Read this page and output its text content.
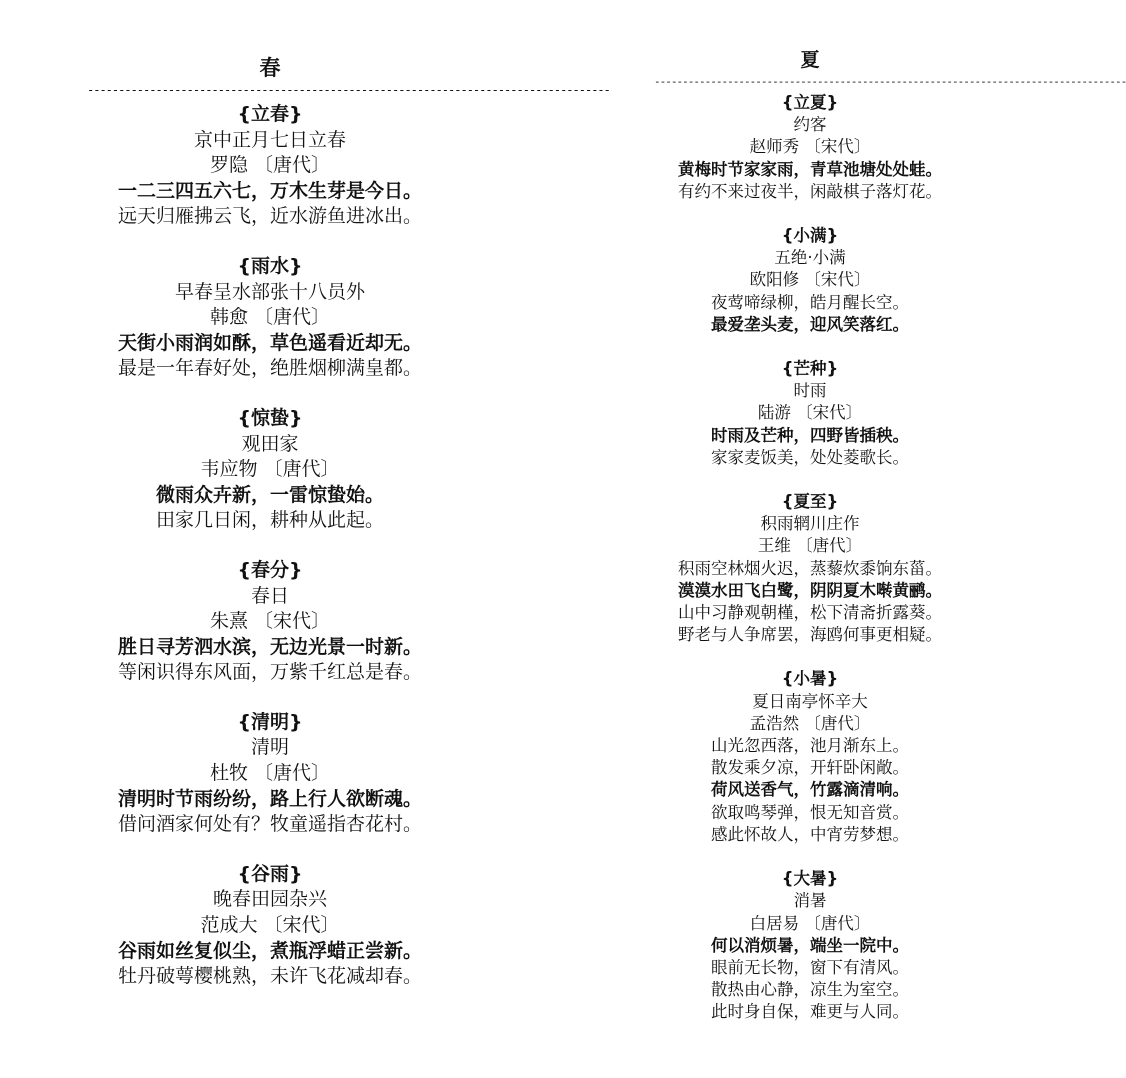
春
------------------------------------------------------------------------------------

{立春}

京中正月七日立春

罗隐 〔唐代〕

一二三四五六七，万木生芽是今日。

远天归雁拂云飞，近水游鱼进冰出。

{雨水}

早春呈水部张十八员外

韩愈 〔唐代〕

天街小雨润如酥，草色遥看近却无。

最是一年春好处，绝胜烟柳满皇都。

{惊蛰}

观田家

韦应物 〔唐代〕

微雨众卉新，一雷惊蛰始。

田家几日闲，耕种从此起。

{春分}

春日

朱熹 〔宋代〕

胜日寻芳泗水滨，无边光景一时新。

等闲识得东风面，万紫千红总是春。

{清明}

清明

杜牧 〔唐代〕

清明时节雨纷纷，路上行人欲断魂。

借问酒家何处有？牧童遥指杏花村。

{谷雨}

晚春田园杂兴

范成大 〔宋代〕

谷雨如丝复似尘，煮瓶浮蜡正尝新。

牡丹破萼樱桃熟，未许飞花减却春。

夏
------------------------------------------------------------------------------------

{立夏}

约客

赵师秀 〔宋代〕

黄梅时节家家雨，青草池塘处处蛙。

有约不来过夜半，闲敲棋子落灯花。

{小满}

五绝·小满

欧阳修 〔宋代〕

夜莺啼绿柳，皓月醒长空。

最爱垄头麦，迎风笑落红。

{芒种}

时雨

陆游 〔宋代〕

时雨及芒种，四野皆插秧。

家家麦饭美，处处菱歌长。

{夏至}

积雨辋川庄作

王维 〔唐代〕

积雨空林烟火迟，蒸藜炊黍饷东菑。

漠漠水田飞白鹭，阴阴夏木啭黄鹂。

山中习静观朝槿，松下清斋折露葵。

野老与人争席罢，海鸥何事更相疑。

{小暑}

夏日南亭怀辛大

孟浩然 〔唐代〕

山光忽西落，池月渐东上。

散发乘夕凉，开轩卧闲敞。

荷风送香气，竹露滴清响。

欲取鸣琴弹，恨无知音赏。

感此怀故人，中宵劳梦想。

{大暑}

消暑

白居易 〔唐代〕

何以消烦暑，端坐一院中。

眼前无长物，窗下有清风。

散热由心静，凉生为室空。

此时身自保，难更与人同。
